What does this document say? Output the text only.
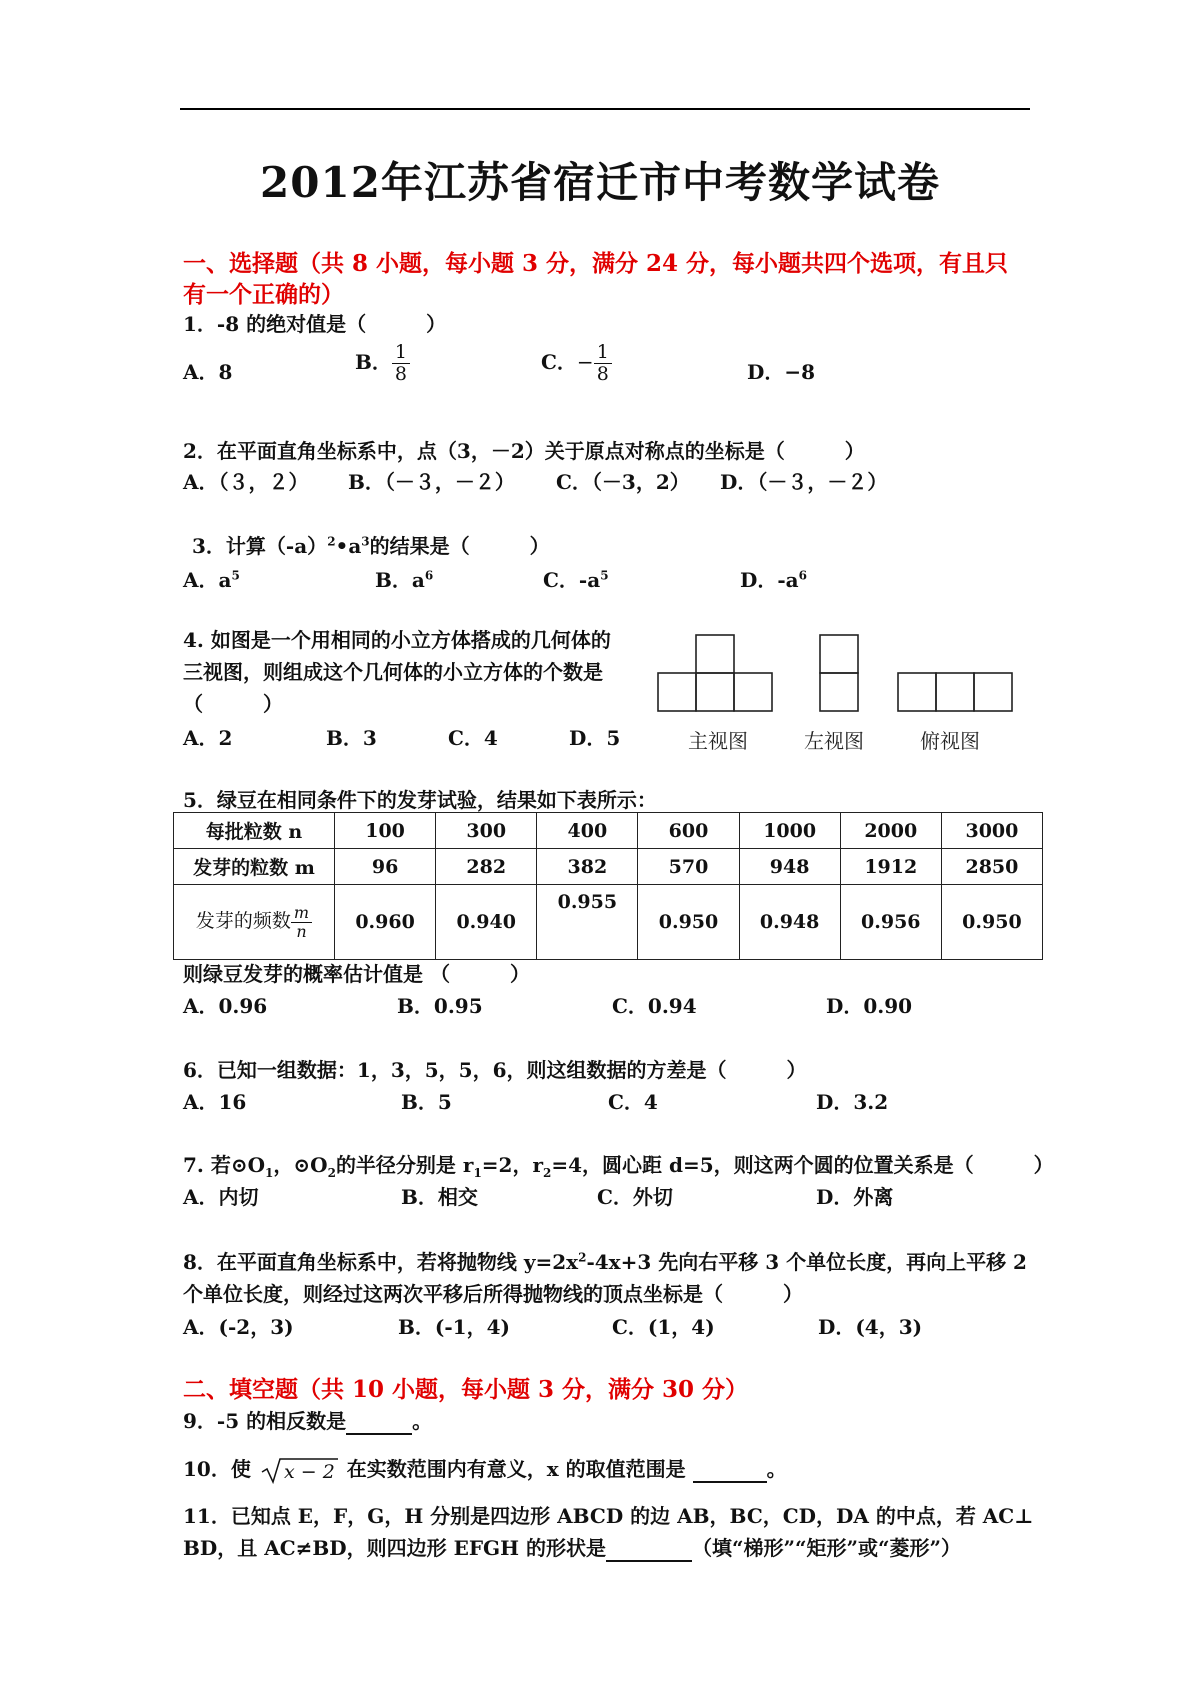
2012年江苏省宿迁市中考数学试卷
一、选择题（共 8 小题，每小题 3 分，满分 24 分，每小题共四个选项，有且只
有一个正确的）
1．-8 的绝对值是（　　　）
A．8	B． $\frac{1}{8}$	C．− $\frac{1}{8}$	D．−8
2．在平面直角坐标系中，点（3，－2）关于原点对称点的坐标是（　　　）
A．（３，２） B．（－３，－２） C．（－3，2） D．（－３，－２）
3．计算$(-a)^2•a^3$的结果是（　　　）
A．$a^5$	B．$a^6$	C．$-a^5$	D．$-a^6$
4. 如图是一个用相同的小立方体搭成的几何体的
三视图，则组成这个几何体的小立方体的个数是
（　　　）
A．2	B．3	C．4	D．5	主视图	左视图	俯视图
5．绿豆在相同条件下的发芽试验，结果如下表所示：
每批粒数 n	100	300	400	600	1000	2000	3000
发芽的粒数 m	96	282	382	570	948	1912	2850
发芽的频数 $\frac{m}{n}$	0.960	0.940	0.955	0.950	0.948	0.956	0.950
则绿豆发芽的概率估计值是 （　　　）
A．0.96	B．0.95	C．0.94	D．0.90
6．已知一组数据：1，3，5，5，6，则这组数据的方差是（　　　）
A．16	B．5	C．4	D．3.2
7. 若$⊙O_1$，$⊙O_2$的半径分别是 $r_1=2$，$r_2=4$，圆心距 d=5，则这两个圆的位置关系是（　　　）
A．内切	B．相交	C．外切	D．外离
8．在平面直角坐标系中，若将抛物线 $y=2x^2-4x+3$ 先向右平移 3 个单位长度，再向上平移 2
个单位长度，则经过这两次平移后所得抛物线的顶点坐标是（　　　）
A．(-2，3)	B．(-1，4)	C．(1，4)	D．(4，3)
二、填空题（共 10 小题，每小题 3 分，满分 30 分）
9．-5 的相反数是	。
10．使 x − 2 在实数范围内有意义，x 的取值范围是	。
11．已知点 E，F，G，H 分别是四边形 ABCD 的边 AB，BC，CD，DA 的中点，若 AC⊥
BD，且 AC≠BD，则四边形 EFGH 的形状是	（填“梯形”“矩形”或“菱形”）
